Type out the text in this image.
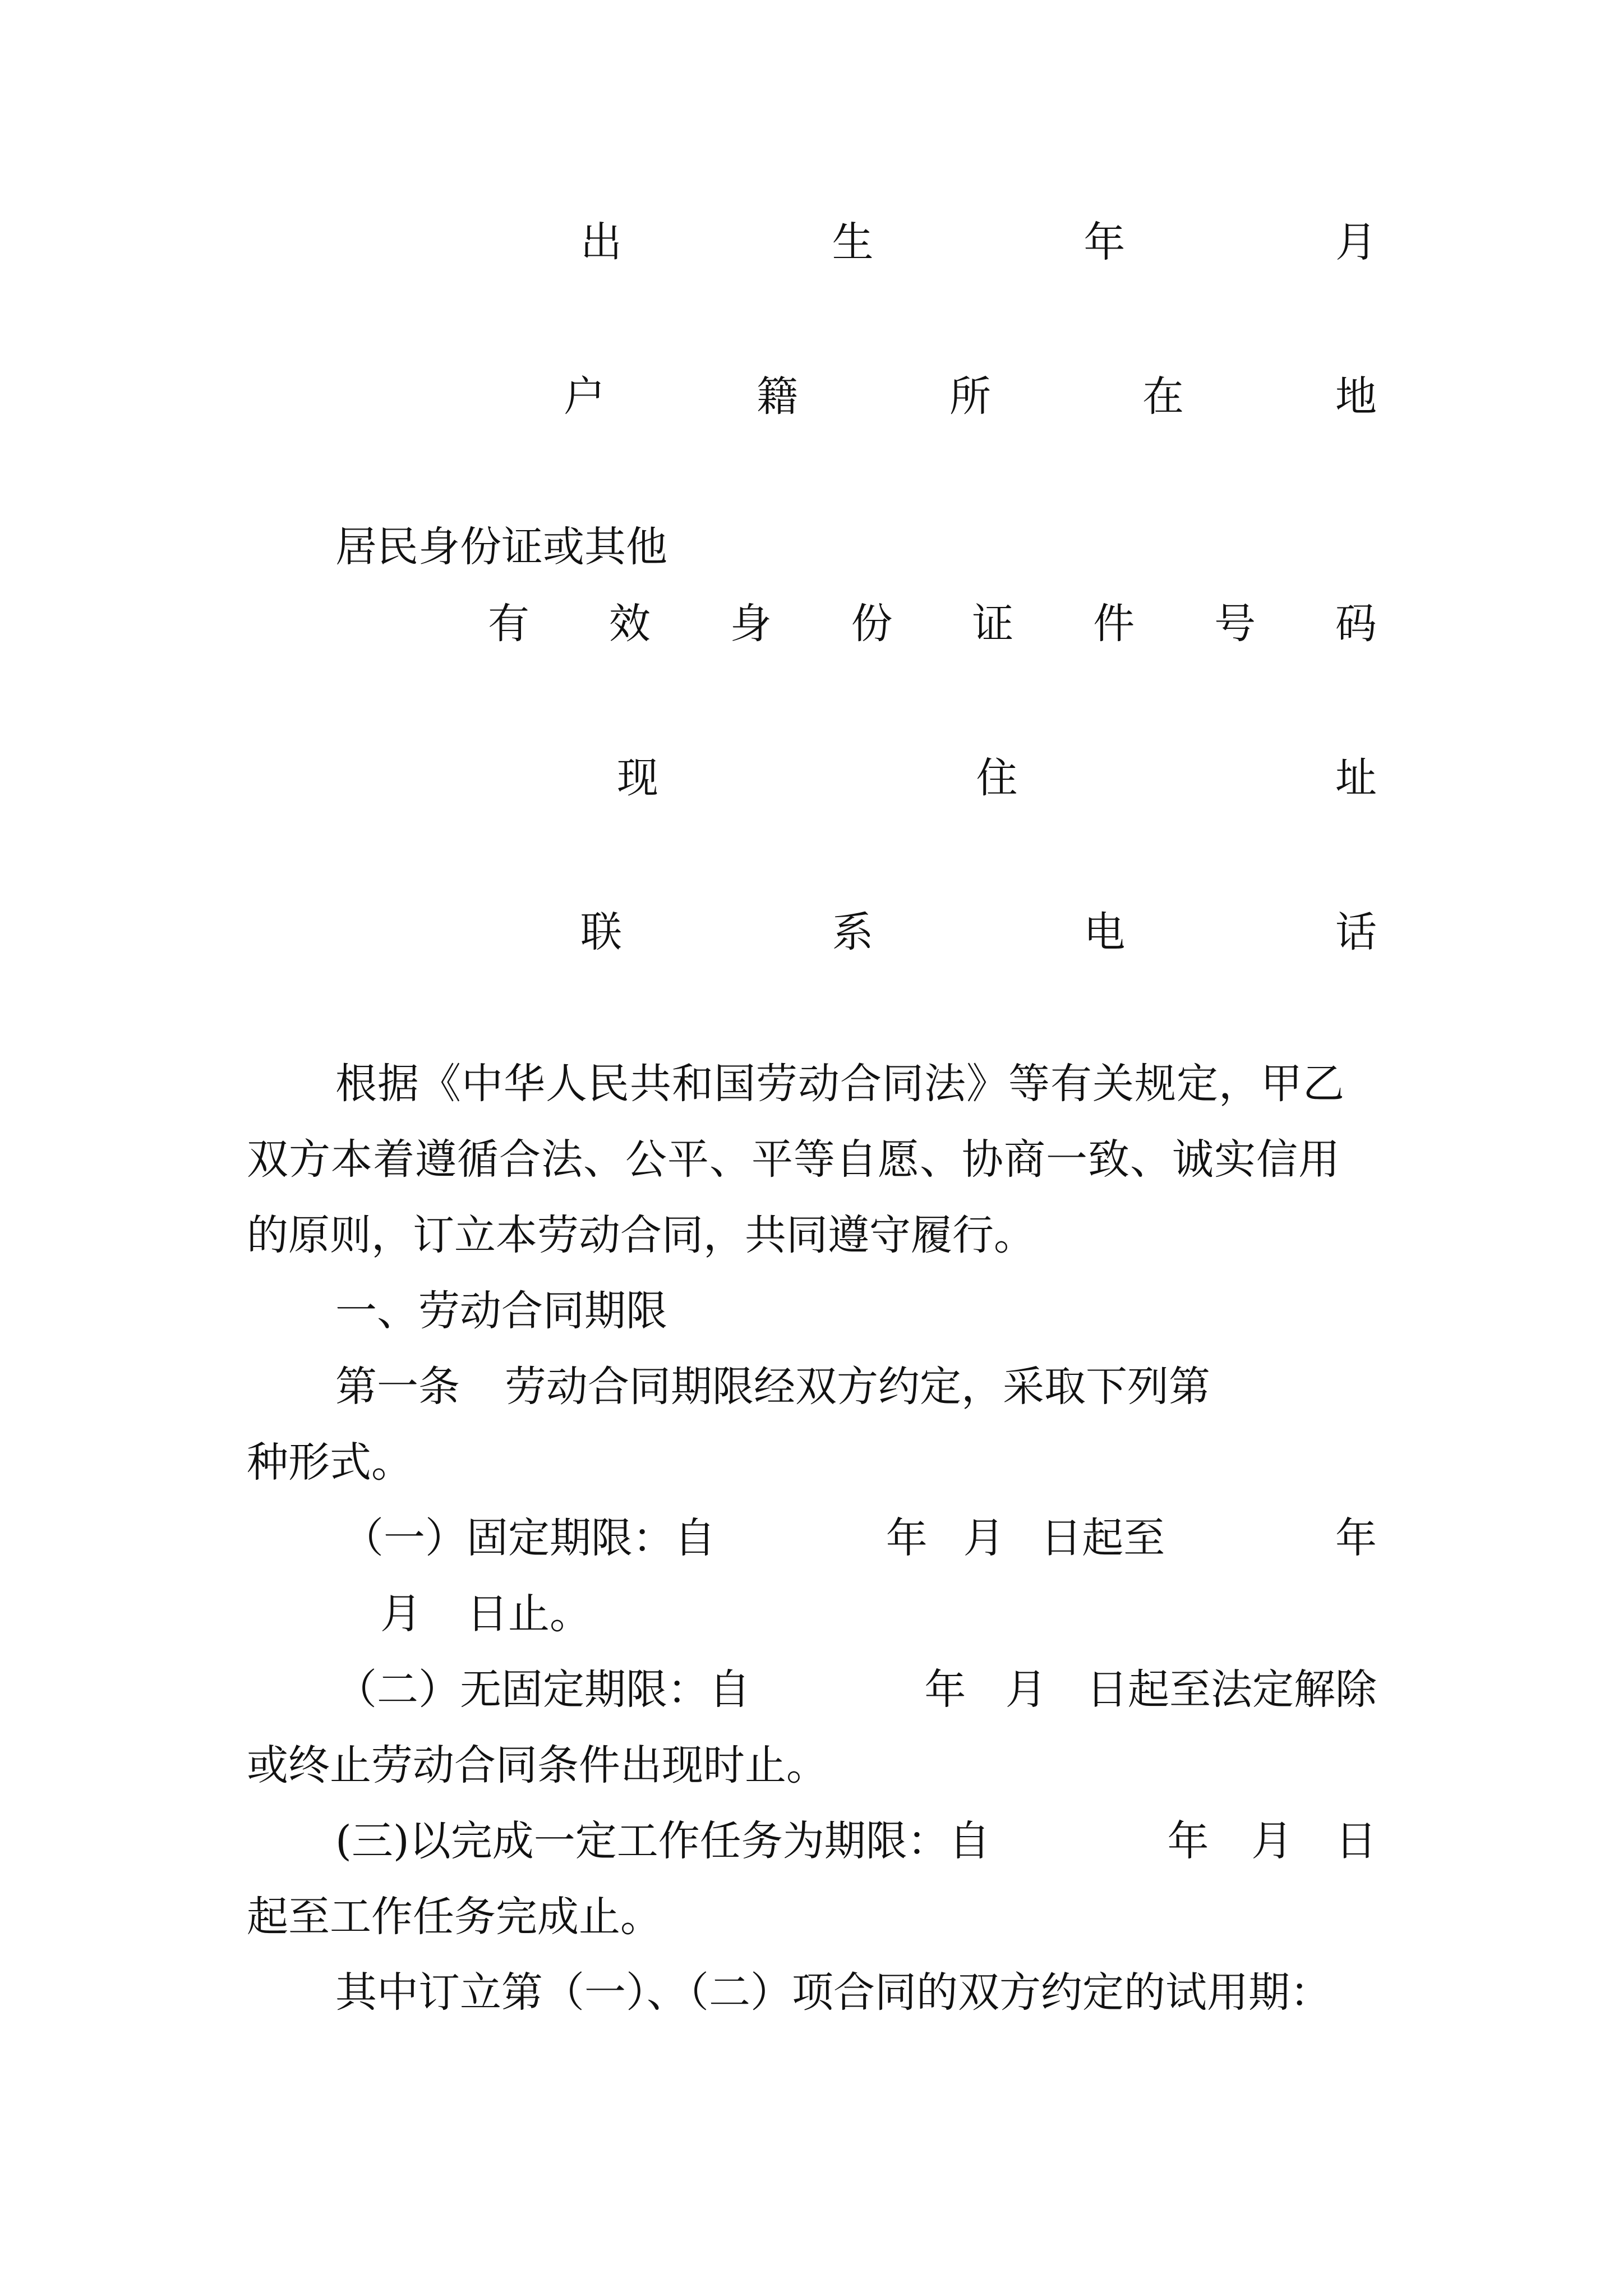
出	生	年	月
户	籍	所	在	地
居民身份证或其他
有 效 身 份 证 件 号 码
现	住	址
联	系	电	话
根据《中华人民共和国劳动合同法》等有关规定，甲乙
双方本着遵循合法、公平、平等自愿、协商一致、诚实信用
的原则，订立本劳动合同，共同遵守履行。
一、劳动合同期限
第一条 劳动合同期限经双方约定，采取下列第
种形式。
（一）固定期限：自	年 月 日起至	年
月 日止。
（二）无固定期限：自	年 月 日起至法定解除
或终止劳动合同条件出现时止。
(三)以完成一定工作任务为期限：自	年 月 日
起至工作任务完成止。
其中订立第（一）、（二）项合同的双方约定的试用期：
